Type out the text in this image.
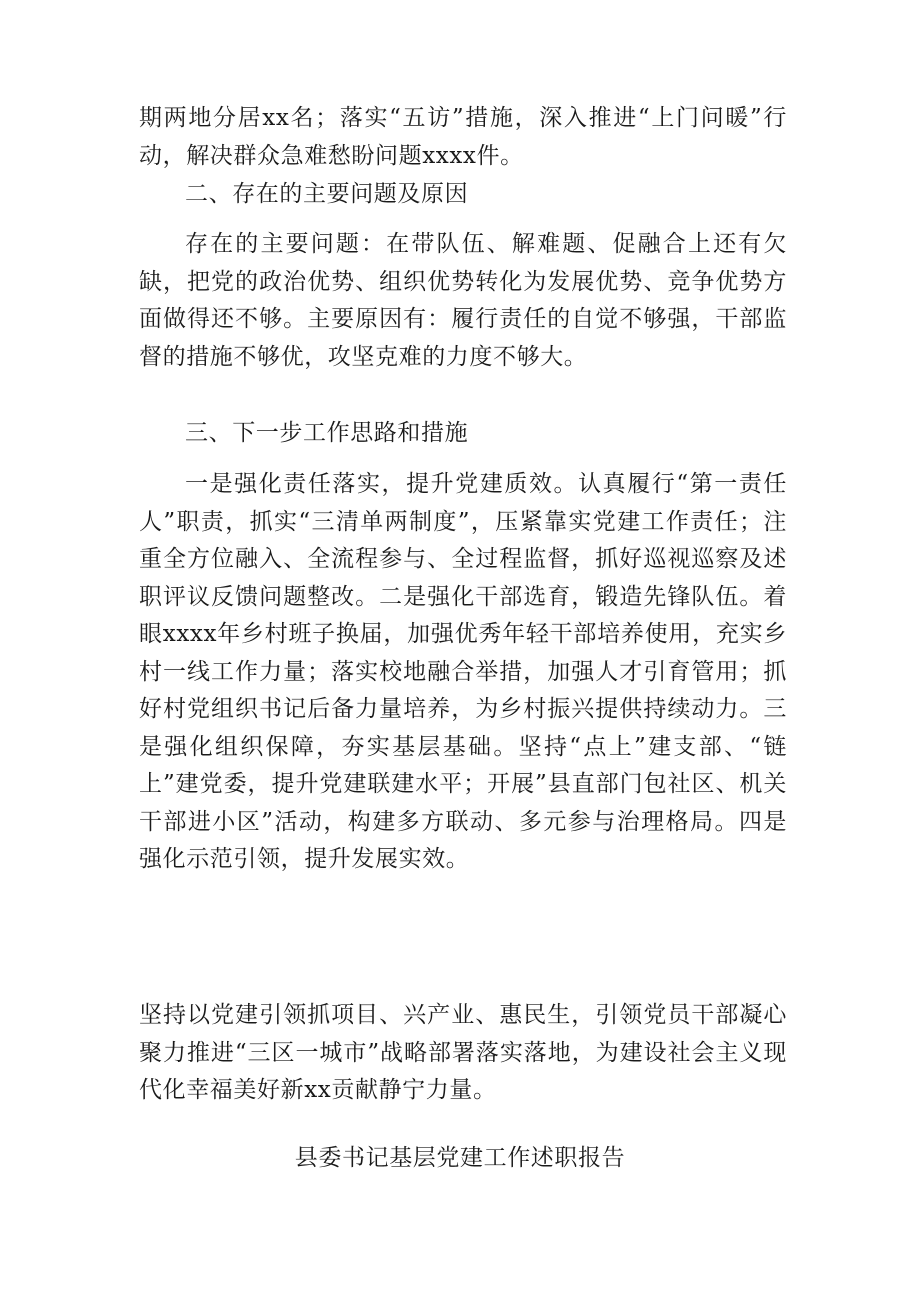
期两地分居xx名；落实“五访”措施，深入推进“上门问暖”行动，解决群众急难愁盼问题xxxx件。

二、存在的主要问题及原因

存在的主要问题：在带队伍、解难题、促融合上还有欠缺，把党的政治优势、组织优势转化为发展优势、竞争优势方面做得还不够。主要原因有：履行责任的自觉不够强，干部监督的措施不够优，攻坚克难的力度不够大。

三、下一步工作思路和措施

一是强化责任落实，提升党建质效。认真履行“第一责任人”职责，抓实“三清单两制度”，压紧靠实党建工作责任；注重全方位融入、全流程参与、全过程监督，抓好巡视巡察及述职评议反馈问题整改。二是强化干部选育，锻造先锋队伍。着眼xxxx年乡村班子换届，加强优秀年轻干部培养使用，充实乡村一线工作力量；落实校地融合举措，加强人才引育管用；抓好村党组织书记后备力量培养，为乡村振兴提供持续动力。三是强化组织保障，夯实基层基础。坚持“点上”建支部、“链上”建党委，提升党建联建水平；开展”县直部门包社区、机关干部进小区”活动，构建多方联动、多元参与治理格局。四是强化示范引领，提升发展实效。

坚持以党建引领抓项目、兴产业、惠民生，引领党员干部凝心聚力推进“三区一城市”战略部署落实落地，为建设社会主义现代化幸福美好新xx贡献静宁力量。

县委书记基层党建工作述职报告
